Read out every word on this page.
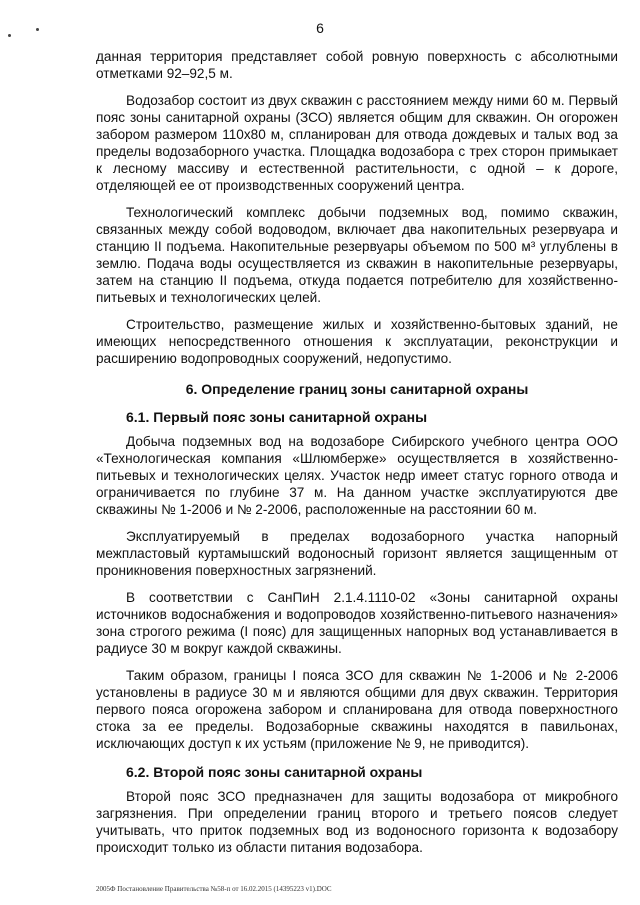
6

данная территория представляет собой ровную поверхность с абсолютными отметками 92–92,5 м.

Водозабор состоит из двух скважин с расстоянием между ними 60 м. Первый пояс зоны санитарной охраны (ЗСО) является общим для скважин. Он огорожен забором размером 110х80 м, спланирован для отвода дождевых и талых вод за пределы водозаборного участка. Площадка водозабора с трех сторон примыкает к лесному массиву и естественной растительности, с одной – к дороге, отделяющей ее от производственных сооружений центра.

Технологический комплекс добычи подземных вод, помимо скважин, связанных между собой водоводом, включает два накопительных резервуара и станцию II подъема. Накопительные резервуары объемом по 500 м³ углублены в землю. Подача воды осуществляется из скважин в накопительные резервуары, затем на станцию II подъема, откуда подается потребителю для хозяйственно-питьевых и технологических целей.

Строительство, размещение жилых и хозяйственно-бытовых зданий, не имеющих непосредственного отношения к эксплуатации, реконструкции и расширению водопроводных сооружений, недопустимо.

6. Определение границ зоны санитарной охраны
6.1. Первый пояс зоны санитарной охраны

Добыча подземных вод на водозаборе Сибирского учебного центра ООО «Технологическая компания «Шлюмберже» осуществляется в хозяйственно-питьевых и технологических целях. Участок недр имеет статус горного отвода и ограничивается по глубине 37 м. На данном участке эксплуатируются две скважины № 1-2006 и № 2-2006, расположенные на расстоянии 60 м.

Эксплуатируемый в пределах водозаборного участка напорный межпластовый куртамышский водоносный горизонт является защищенным от проникновения поверхностных загрязнений.

В соответствии с СанПиН 2.1.4.1110-02 «Зоны санитарной охраны источников водоснабжения и водопроводов хозяйственно-питьевого назначения» зона строгого режима (I пояс) для защищенных напорных вод устанавливается в радиусе 30 м вокруг каждой скважины.

Таким образом, границы I пояса ЗСО для скважин № 1-2006 и № 2-2006 установлены в радиусе 30 м и являются общими для двух скважин. Территория первого пояса огорожена забором и спланирована для отвода поверхностного стока за ее пределы. Водозаборные скважины находятся в павильонах, исключающих доступ к их устьям (приложение № 9, не приводится).

6.2. Второй пояс зоны санитарной охраны

Второй пояс ЗСО предназначен для защиты водозабора от микробного загрязнения. При определении границ второго и третьего поясов следует учитывать, что приток подземных вод из водоносного горизонта к водозабору происходит только из области питания водозабора.

2005Ф Постановление Правительства №58-п от 16.02.2015 (14395223 v1).DOC
